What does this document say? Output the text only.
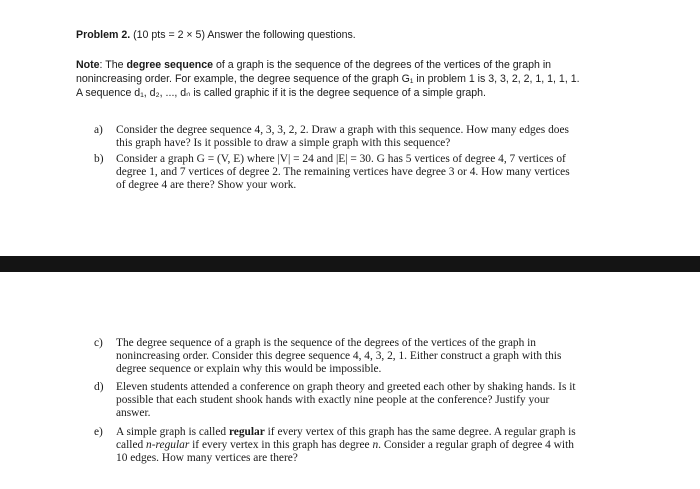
Problem 2. (10 pts = 2 × 5) Answer the following questions.
Note: The degree sequence of a graph is the sequence of the degrees of the vertices of the graph in
nonincreasing order. For example, the degree sequence of the graph G₁ in problem 1 is 3, 3, 2, 2, 1, 1, 1, 1.
A sequence d₁, d₂, ..., dₙ is called graphic if it is the degree sequence of a simple graph.
a)	Consider the degree sequence 4, 3, 3, 2, 2. Draw a graph with this sequence. How many edges does
this graph have? Is it possible to draw a simple graph with this sequence?
b)	Consider a graph G = (V, E) where |V| = 24 and |E| = 30. G has 5 vertices of degree 4, 7 vertices of
degree 1, and 7 vertices of degree 2. The remaining vertices have degree 3 or 4. How many vertices
of degree 4 are there? Show your work.
c)	The degree sequence of a graph is the sequence of the degrees of the vertices of the graph in
nonincreasing order. Consider this degree sequence 4, 4, 3, 2, 1. Either construct a graph with this
degree sequence or explain why this would be impossible.
d)	Eleven students attended a conference on graph theory and greeted each other by shaking hands. Is it
possible that each student shook hands with exactly nine people at the conference? Justify your
answer.
e)	A simple graph is called regular if every vertex of this graph has the same degree. A regular graph is
called n-regular if every vertex in this graph has degree n. Consider a regular graph of degree 4 with
10 edges. How many vertices are there?
